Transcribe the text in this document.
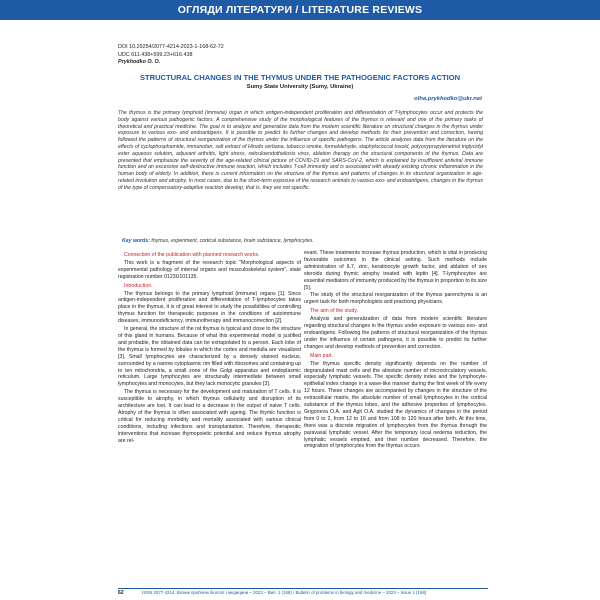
ОГЛЯДИ ЛІТЕРАТУРИ / LITERATURE REVIEWS
DOI 10.29254/2077-4214-2023-1-168-62-72
UDC 611.438+599.23+616.438
Prykhodko O. O.
STRUCTURAL CHANGES IN THE THYMUS UNDER THE PATHOGENIC FACTORS ACTION
Sumy State University (Sumy, Ukraine)
olha.prykhodko@ukr.net
The thymus is the primary lymphoid (immune) organ in which antigen-independent proliferation and differentiation of T-lymphocytes occur and protects the body against various pathogenic factors. A comprehensive study of the morphological features of the thymus is relevant and one of the primary tasks of theoretical and practical medicine. The goal is to analyze and generalize data from the modern scientific literature on structural changes in the thymus under exposure to various exo- and endoantigens. It is possible to predict its further changes and develop methods for their prevention and correction, having followed the patterns of structural reorganization of the thymus under the influence of specific pathogens. The article analyzes data from the literature on the effects of cyclophosphamide, immunofan, salt extract of Hirudo verbana, tobacco smoke, formaldehyde, staphylococcal toxoid, polyoxypropylenetriol triglycidyl ester aqueous solution, adjuvant arthritis, light stress, reticuloendotheliosis virus, ablation therapy on the structural components of the thymus. Data are presented that emphasize the severity of the age-related clinical picture of COVID-19 and SARS-CoV-2, which is explained by insufficient antiviral immune function and an excessive self-destructive immune reaction, which includes T-cell immunity and is associated with already existing chronic inflammation in the human body of elderly. In addition, there is current information on the structure of the thymus and patterns of changes in its structural organization in age-related involution and atrophy. In most cases, due to the short-term exposure of the research animals to various exo- and endoantigens, changes in the thymus of the type of compensatory-adaptive reaction develop; that is, they are not specific.
Key words: thymus, experiment, cortical substance, brain substance, lymphocytes.

Connection of the publication with planned research works.

This work is a fragment of the research topic "Morphological aspects of experimental pathology of internal organs and musculoskeletal system", state registration number 0123U101135.

Introduction.

The thymus belongs to the primary lymphoid (immune) organs [1]. Since antigen-independent proliferation and differentiation of T-lymphocytes takes place in the thymus, it is of great interest to study the possibilities of controlling thymus function for therapeutic purposes in the conditions of autoimmune diseases, immunodeficiency, immunotherapy and immunocorrection [2].

In general, the structure of the rat thymus is typical and close to the structure of this gland in humans. Because of what this experimental model is justified and probable, the obtained data can be extrapolated to a person. Each lobe of the thymus is formed by lobules in which the cortex and medulla are visualized [3]. Small lymphocytes are characterized by a densely stained nucleus, surrounded by a narrow cytoplasmic rim filled with ribosomes and containing up to ten mitochondria, a small zone of the Golgi apparatus and endoplasmic reticulum. Large lymphocytes are structurally intermediate between small lymphocytes and monocytes, but they lack monocytic granules [3].

The thymus is necessary for the development and maturation of T cells. It is susceptible to atrophy, in which thymus cellularity and disruption of its architecture are lost. It can lead to a decrease in the output of naive T cells. Atrophy of the thymus is often associated with ageing. The thymic function is critical for reducing morbidity and mortality associated with various clinical conditions, including infections and transplantation. Therefore, therapeutic interventions that increase thymopoietic potential and reduce thymus atrophy are rel-

evant. These treatments increase thymus production, which is vital in producing favourable outcomes in the clinical setting. Such methods include administration of IL7, zinc, keratinocyte growth factor, and ablation of sex steroids during thymic atrophy treated with leptin [4]. T-lymphocytes are essential mediators of immunity produced by the thymus in proportion to its size [5].

The study of the structural reorganization of the thymus parenchyma is an urgent task for both morphologists and practicing physicians.

The aim of the study.

Analysis and generalization of data from modern scientific literature regarding structural changes in the thymus under exposure to various exo- and endoantigens. Following the patterns of structural reorganization of the thymus under the influence of certain pathogens, it is possible to predict its further changes and develop methods of prevention and correction.

Main part.

The thymus specific density significantly depends on the number of degranulated mast cells and the absolute number of microcirculatory vessels, especially lymphatic vessels. The specific density index and the lymphocyte-epithelial index change in a wave-like manner during the first week of life every 12 hours. These changes are accompanied by changes in the structure of the extracellular matrix, the absolute number of small lymphocytes in the cortical substance of the thymus lobes, and the adhesive properties of lymphocytes. Grigorieva O.A. and Agit O.A. studied the dynamics of changes in the period from 0 to 2, from 12 to 16 and from 108 to 120 hours after birth. At this time, there was a discrete migration of lymphocytes from the thymus through the paravasal lymphatic vessel. After the temporary local oedema reduction, the lymphatic vessels emptied, and their number decreased. Therefore, the emigration of lymphocytes from the thymus occurs

62	ISSN 2077-4214. Вісник проблем біології і медицини – 2023 – Вип. 1 (168) / Bulletin of problems in biology and medicine – 2023 – Issue 1 (168)
